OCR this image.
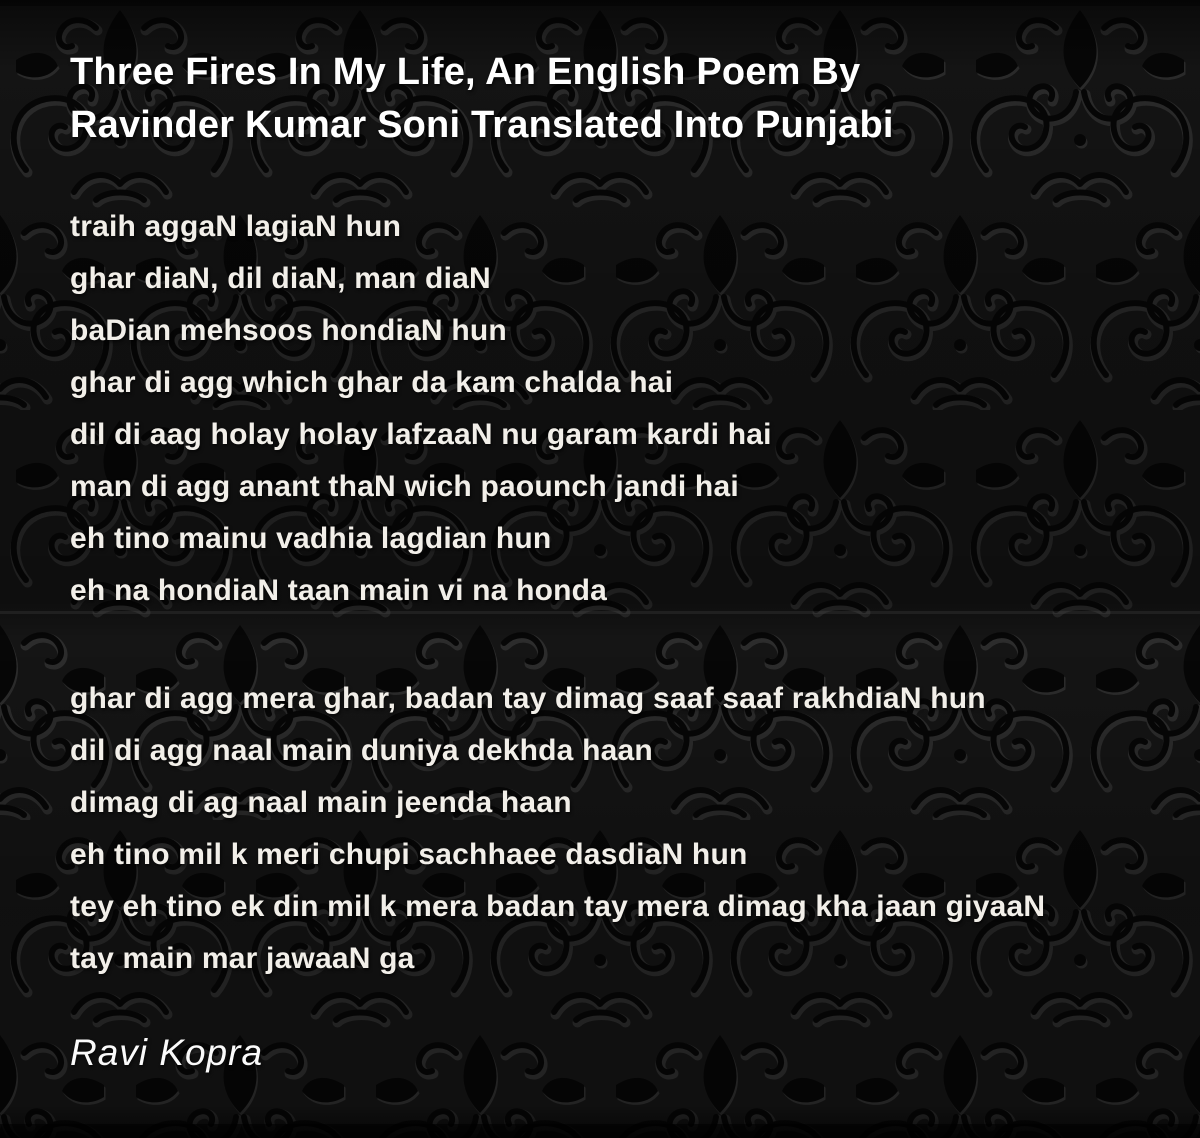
Three Fires In My Life, An English Poem By
Ravinder Kumar Soni Translated Into Punjabi

traih aggaN lagiaN hun

ghar diaN, dil diaN, man diaN

baDian mehsoos hondiaN hun

ghar di agg which ghar da kam chalda hai

dil di aag holay holay lafzaaN nu garam kardi hai

man di agg anant thaN wich paounch jandi hai

eh tino mainu vadhia lagdian hun

eh na hondiaN taan main vi na honda

ghar di agg mera ghar, badan tay dimag saaf saaf rakhdiaN hun

dil di agg naal main duniya dekhda haan

dimag di ag naal main jeenda haan

eh tino mil k meri chupi sachhaee dasdiaN hun

tey eh tino ek din mil k mera badan tay mera dimag kha jaan giyaaN

tay main mar jawaaN ga

Ravi Kopra
